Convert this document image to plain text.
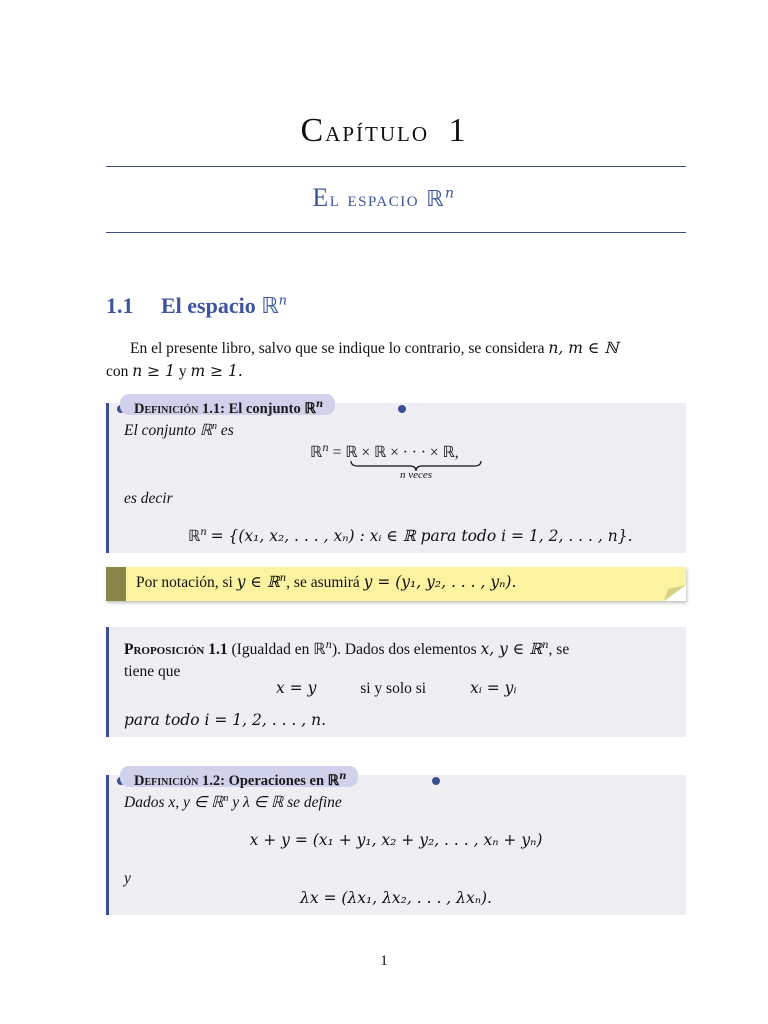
Capítulo 1
El espacio ℝ$^n$
1.1 El espacio ℝ$^n$
En el presente libro, salvo que se indique lo contrario, se considera n, m ∈ ℕ
con n ≥ 1 y m ≥ 1.
Definición 1.1: El conjunto ℝ$^n$
El conjunto ℝ$^n$ es
ℝ$^n$ = ℝ × ℝ × · · · × ℝ,
n veces
es decir
ℝ$^n$ = {(x₁, x₂, . . . , xₙ) : xᵢ ∈ ℝ para todo i = 1, 2, . . . , n}.
Por notación, si y ∈ ℝ$^n$, se asumirá y = (y₁, y₂, . . . , yₙ).
Proposición 1.1 (Igualdad en ℝ$^n$). Dados dos elementos x, y ∈ ℝ$^n$, se
tiene que
x = y	si y solo si	xᵢ = yᵢ
para todo i = 1, 2, . . . , n.
Definición 1.2: Operaciones en ℝ$^n$
Dados x, y ∈ ℝ$^n$ y λ ∈ ℝ se define
x + y = (x₁ + y₁, x₂ + y₂, . . . , xₙ + yₙ)
y
λx = (λx₁, λx₂, . . . , λxₙ).
1
